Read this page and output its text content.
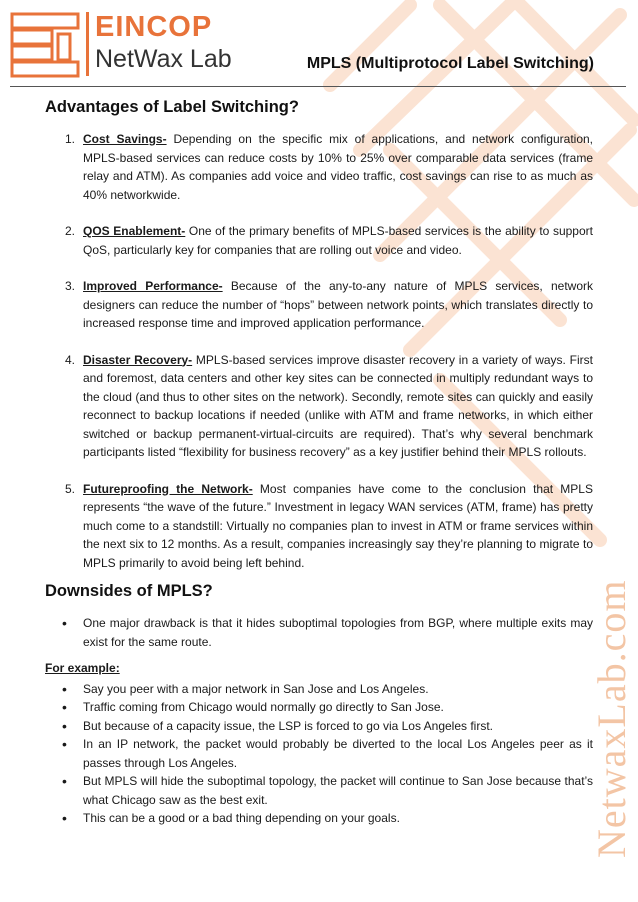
EINCOP
NetWax Lab	MPLS (Multiprotocol Label Switching)
Advantages of Label Switching?
1. Cost Savings- Depending on the specific mix of applications, and network configuration, MPLS-based services can reduce costs by 10% to 25% over comparable data services (frame relay and ATM). As companies add voice and video traffic, cost savings can rise to as much as 40% networkwide.
2. QOS Enablement- One of the primary benefits of MPLS-based services is the ability to support QoS, particularly key for companies that are rolling out voice and video.
3. Improved Performance- Because of the any-to-any nature of MPLS services, network designers can reduce the number of “hops” between network points, which translates directly to increased response time and improved application performance.
4. Disaster Recovery- MPLS-based services improve disaster recovery in a variety of ways. First and foremost, data centers and other key sites can be connected in multiply redundant ways to the cloud (and thus to other sites on the network). Secondly, remote sites can quickly and easily reconnect to backup locations if needed (unlike with ATM and frame networks, in which either switched or backup permanent-virtual-circuits are required). That’s why several benchmark participants listed “flexibility for business recovery” as a key justifier behind their MPLS rollouts.
5. Futureproofing the Network- Most companies have come to the conclusion that MPLS represents “the wave of the future.” Investment in legacy WAN services (ATM, frame) has pretty much come to a standstill: Virtually no companies plan to invest in ATM or frame services within the next six to 12 months. As a result, companies increasingly say they’re planning to migrate to MPLS primarily to avoid being left behind.
Downsides of MPLS?
• One major drawback is that it hides suboptimal topologies from BGP, where multiple exits may exist for the same route.
For example:
• Say you peer with a major network in San Jose and Los Angeles.
• Traffic coming from Chicago would normally go directly to San Jose.
• But because of a capacity issue, the LSP is forced to go via Los Angeles first.
• In an IP network, the packet would probably be diverted to the local Los Angeles peer as it passes through Los Angeles.
• But MPLS will hide the suboptimal topology, the packet will continue to San Jose because that’s what Chicago saw as the best exit.
• This can be a good or a bad thing depending on your goals.	NetwaxLab.com
